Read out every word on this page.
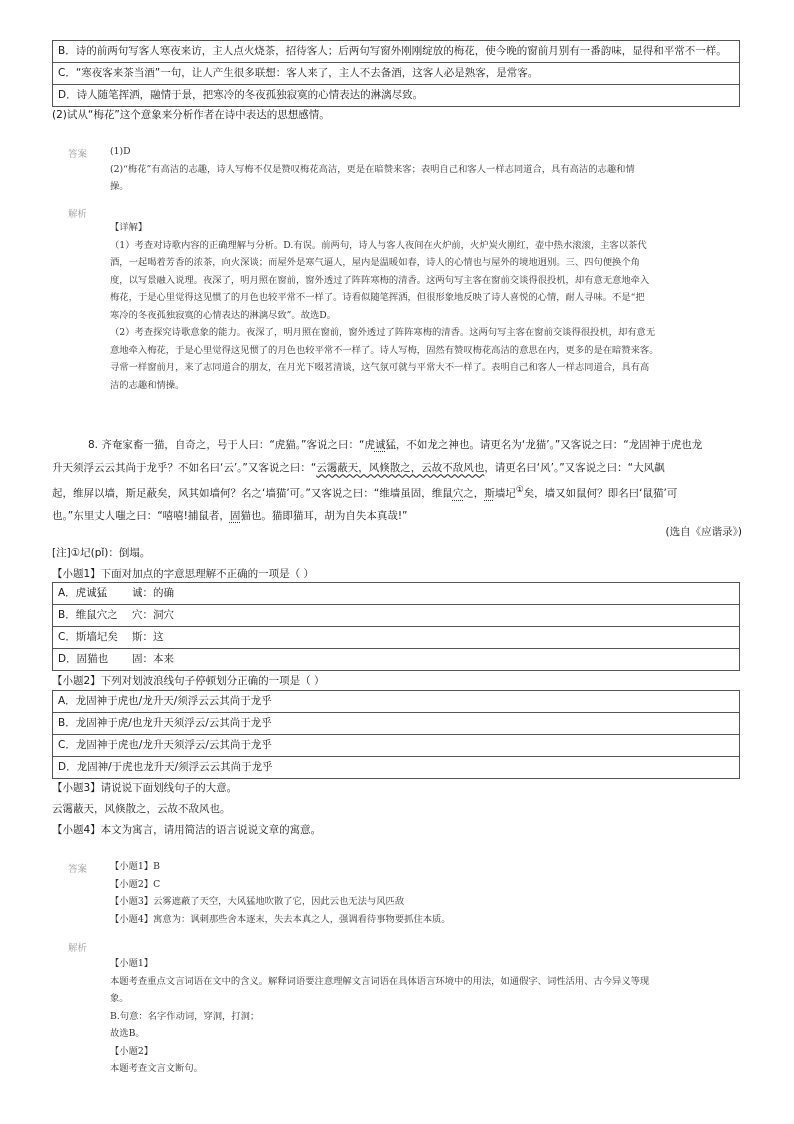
B．诗的前两句写客人寒夜来访，主人点火烧茶，招待客人；后两句写窗外刚刚绽放的梅花，使今晚的窗前月别有一番韵味，显得和平常不一样。
C．“寒夜客来茶当酒”一句，让人产生很多联想：客人来了，主人不去备酒，这客人必是熟客，是常客。
D．诗人随笔挥洒，融情于景，把寒冷的冬夜孤独寂寞的心情表达的淋漓尽致。
(2)试从“梅花”这个意象来分析作者在诗中表达的思想感情。
答案 (1)D

(2)“梅花”有高洁的志趣，诗人写梅不仅是赞叹梅花高洁，更是在暗赞来客；表明自己和客人一样志同道合，具有高洁的志趣和情

操。

解析

【详解】

（1）考查对诗歌内容的正确理解与分析。D.有误。前两句，诗人与客人夜间在火炉前，火炉炭火刚红，壶中热水滚滚，主客以茶代

酒，一起喝着芳香的浓茶，向火深谈；而屋外是寒气逼人，屋内是温暖如春，诗人的心情也与屋外的境地迥别。三、四句便换个角

度，以写景融入说理。夜深了，明月照在窗前，窗外透过了阵阵寒梅的清香。这两句写主客在窗前交谈得很投机，却有意无意地牵入

梅花，于是心里觉得这见惯了的月色也较平常不一样了。诗看似随笔挥洒，但很形象地反映了诗人喜悦的心情，耐人寻味。不是“把

寒冷的冬夜孤独寂寞的心情表达的淋漓尽致”。故选D。

（2）考查探究诗歌意象的能力。夜深了，明月照在窗前，窗外透过了阵阵寒梅的清香。这两句写主客在窗前交谈得很投机，却有意无

意地牵入梅花，于是心里觉得这见惯了的月色也较平常不一样了。诗人写梅，固然有赞叹梅花高洁的意思在内，更多的是在暗赞来客。

寻常一样窗前月，来了志同道合的朋友，在月光下啜茗清谈，这气氛可就与平常大不一样了。表明自己和客人一样志同道合，具有高

洁的志趣和情操。

8. 齐奄家畜一猫，自奇之，号于人曰：“虎猫。”客说之曰：“虎诚猛，不如龙之神也。请更名为‘龙猫’。”又客说之曰：“龙固神于虎也龙
升天须浮云云其尚于龙乎？不如名曰‘云’。”又客说之曰：“云霭蔽天，风倏散之，云故不敌风也，请更名曰‘风’。”又客说之曰：“大风飙
起，维屏以墙，斯足蔽矣，风其如墙何？名之‘墙猫’可。”又客说之曰：“维墙虽固，维鼠穴之，斯墙圮①矣，墙又如鼠何？即名曰‘鼠猫’可
也。”东里丈人嗤之曰：“嘻嘻!捕鼠者，固猫也。猫即猫耳，胡为自失本真哉!”
(选自《应谐录》)
[注]①圮(pǐ)：倒塌。
【小题1】下面对加点的字意思理解不正确的一项是（ ）
A．虎诚猛 诚：的确
B．维鼠穴之 穴：洞穴
C．斯墙圮矣 斯：这
D．固猫也 固：本来
【小题2】下列对划波浪线句子停顿划分正确的一项是（ ）
A．龙固神于虎也/龙升天/须浮云云其尚于龙乎
B．龙固神于虎/也龙升天须浮云/云其尚于龙乎
C．龙固神于虎也/龙升天须浮云/云其尚于龙乎
D．龙固神/于虎也龙升天/须浮云云其尚于龙乎
【小题3】请说说下面划线句子的大意。
云霭蔽天，风倏散之，云故不敌风也。
【小题4】本文为寓言，请用简洁的语言说说文章的寓意。
答案 【小题1】B

【小题2】C

【小题3】云雾遮蔽了天空，大风猛地吹散了它，因此云也无法与风匹敌

【小题4】寓意为：讽刺那些舍本逐末，失去本真之人，强调看待事物要抓住本质。

解析

【小题1】

本题考查重点文言词语在文中的含义。解释词语要注意理解文言词语在具体语言环境中的用法，如通假字、词性活用、古今异义等现

象。

B.句意：名字作动词，穿洞，打洞；

故选B。

【小题2】

本题考查文言文断句。
